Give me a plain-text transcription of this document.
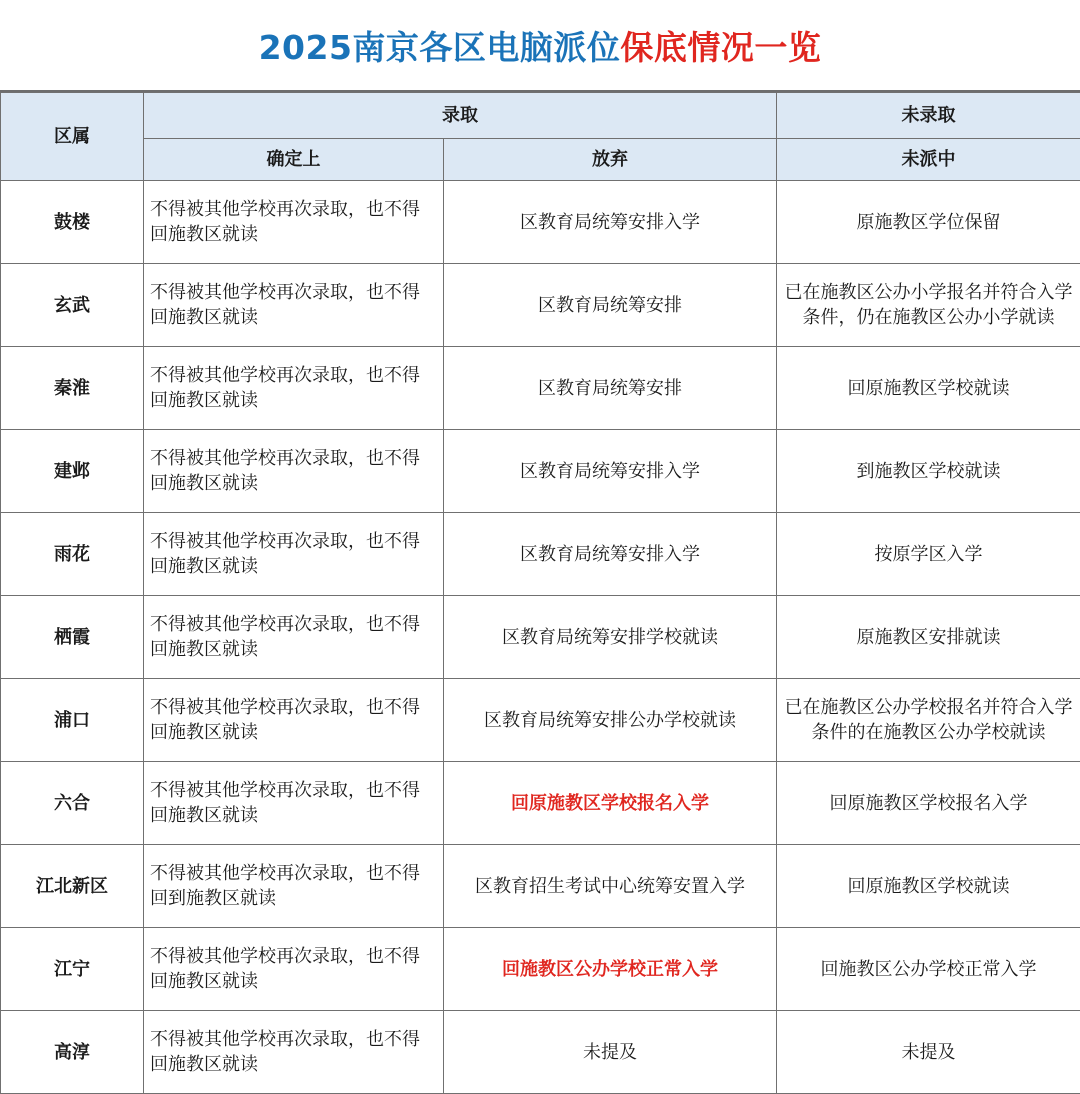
2025南京各区电脑派位保底情况一览
区属	录取		未录取
	确定上	放弃	未派中
鼓楼	不得被其他学校再次录取，也不得回施教区就读	区教育局统筹安排入学	原施教区学位保留
玄武	不得被其他学校再次录取，也不得回施教区就读	区教育局统筹安排	已在施教区公办小学报名并符合入学条件，仍在施教区公办小学就读
秦淮	不得被其他学校再次录取，也不得回施教区就读	区教育局统筹安排	回原施教区学校就读
建邺	不得被其他学校再次录取，也不得回施教区就读	区教育局统筹安排入学	到施教区学校就读
雨花	不得被其他学校再次录取，也不得回施教区就读	区教育局统筹安排入学	按原学区入学
栖霞	不得被其他学校再次录取，也不得回施教区就读	区教育局统筹安排学校就读	原施教区安排就读
浦口	不得被其他学校再次录取，也不得回施教区就读	区教育局统筹安排公办学校就读	已在施教区公办学校报名并符合入学条件的在施教区公办学校就读
六合	不得被其他学校再次录取，也不得回施教区就读	回原施教区学校报名入学	回原施教区学校报名入学
江北新区	不得被其他学校再次录取，也不得回到施教区就读	区教育招生考试中心统筹安置入学	回原施教区学校就读
江宁	不得被其他学校再次录取，也不得回施教区就读	回施教区公办学校正常入学	回施教区公办学校正常入学
高淳	不得被其他学校再次录取，也不得回施教区就读	未提及	未提及
